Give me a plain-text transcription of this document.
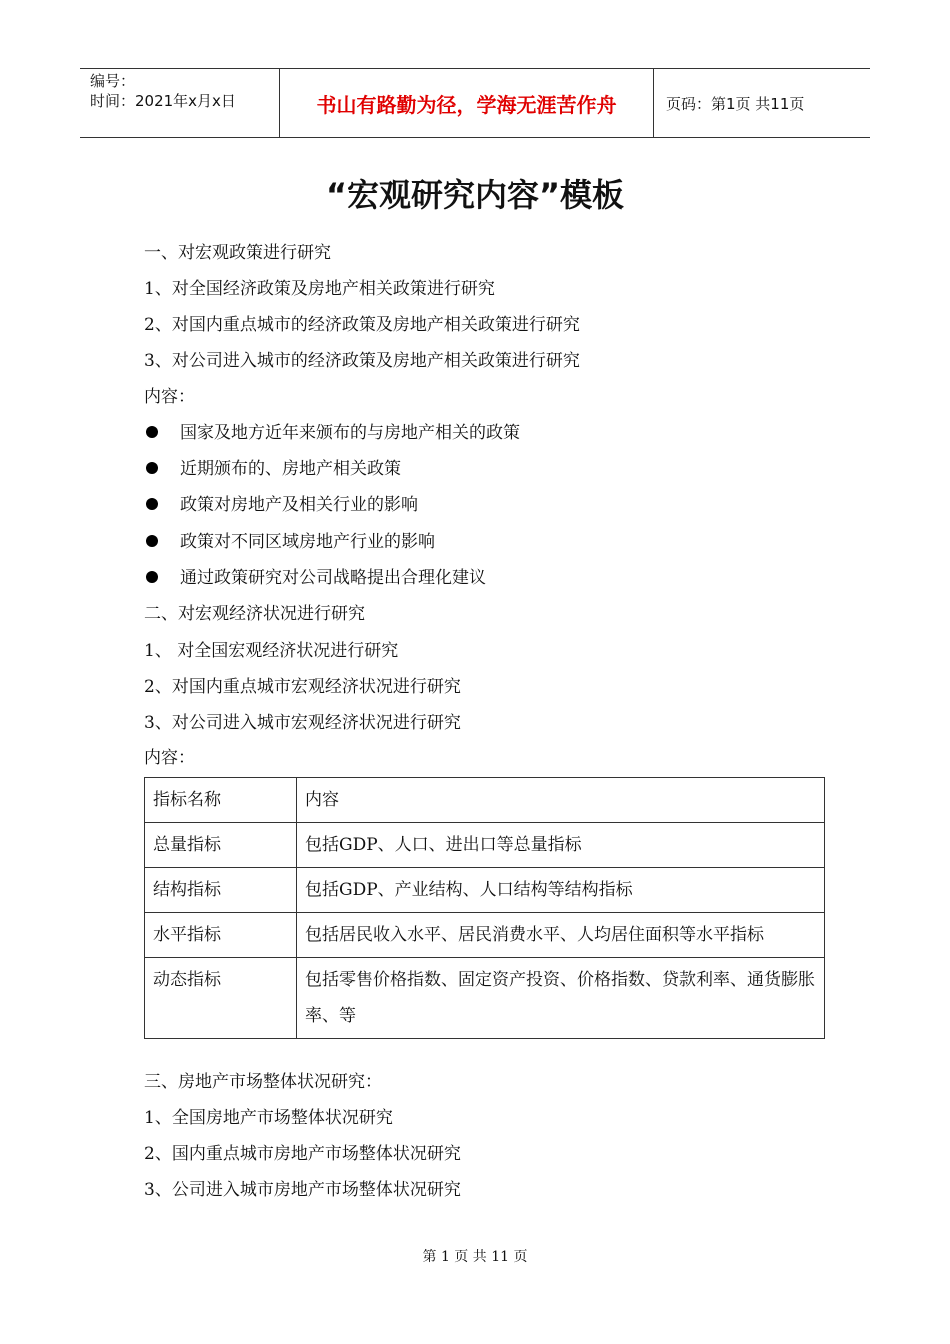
编号：
时间：2021年x月x日	书山有路勤为径，学海无涯苦作舟	页码：第1页 共11页
“宏观研究内容”模板
一、对宏观政策进行研究
1、对全国经济政策及房地产相关政策进行研究
2、对国内重点城市的经济政策及房地产相关政策进行研究
3、对公司进入城市的经济政策及房地产相关政策进行研究
内容：
国家及地方近年来颁布的与房地产相关的政策
近期颁布的、房地产相关政策
政策对房地产及相关行业的影响
政策对不同区域房地产行业的影响
通过政策研究对公司战略提出合理化建议
二、对宏观经济状况进行研究
1、 对全国宏观经济状况进行研究
2、对国内重点城市宏观经济状况进行研究
3、对公司进入城市宏观经济状况进行研究
内容：
指标名称	内容
总量指标	包括GDP、人口、进出口等总量指标
结构指标	包括GDP、产业结构、人口结构等结构指标
水平指标	包括居民收入水平、居民消费水平、人均居住面积等水平指标
动态指标	包括零售价格指数、固定资产投资、价格指数、贷款利率、通货膨胀率、等
三、房地产市场整体状况研究：
1、全国房地产市场整体状况研究
2、国内重点城市房地产市场整体状况研究
3、公司进入城市房地产市场整体状况研究
第 1 页 共 11 页
